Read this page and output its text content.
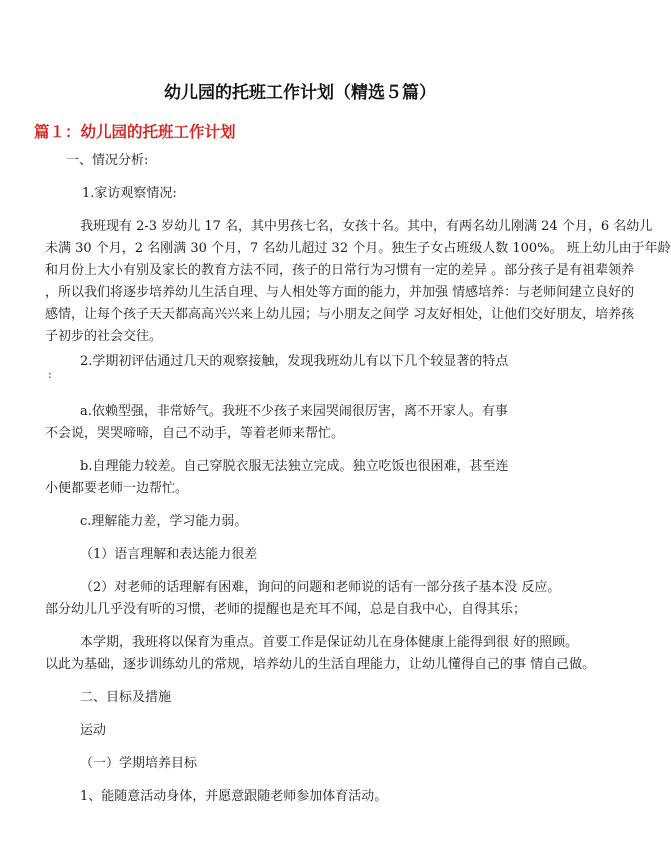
幼儿园的托班工作计划（精选５篇）
篇１：幼儿园的托班工作计划
一、情况分析:
1.家访观察情况:
我班现有 2-3 岁幼儿 17 名，其中男孩七名，女孩十名。其中，有两名幼儿刚满 24 个月，6 名幼儿
未满 30 个月，2 名刚满 30 个月，7 名幼儿超过 32 个月。独生子女占班级人数 100%。 班上幼儿由于年龄
和月份上大小有别及家长的教育方法不同，孩子的日常行为习惯有一定的差异 。部分孩子是有祖辈领养
，所以我们将逐步培养幼儿生活自理、与人相处等方面的能力，并加强 情感培养：与老师间建立良好的
感情，让每个孩子天天都高高兴兴来上幼儿园；与小朋友之间学 习友好相处，让他们交好朋友，培养孩
子初步的社会交往。
2.学期初评估通过几天的观察接触，发现我班幼儿有以下几个较显著的特点
:
a.依赖型强，非常娇气。我班不少孩子来园哭闹很厉害，离不开家人。有事
不会说，哭哭啼啼，自己不动手，等着老师来帮忙。
b.自理能力较差。自己穿脱衣服无法独立完成。独立吃饭也很困难，甚至连
小便都要老师一边帮忙。
c.理解能力差，学习能力弱。
（1）语言理解和表达能力很差
（2）对老师的话理解有困难，询问的问题和老师说的话有一部分孩子基本没 反应。
部分幼儿几乎没有听的习惯，老师的提醒也是充耳不闻，总是自我中心，自得其乐；
本学期，我班将以保育为重点。首要工作是保证幼儿在身体健康上能得到很 好的照顾。
以此为基础，逐步训练幼儿的常规，培养幼儿的生活自理能力，让幼儿懂得自己的事 情自己做。
二、目标及措施
运动
（一）学期培养目标
1、能随意活动身体，并愿意跟随老师参加体育活动。
